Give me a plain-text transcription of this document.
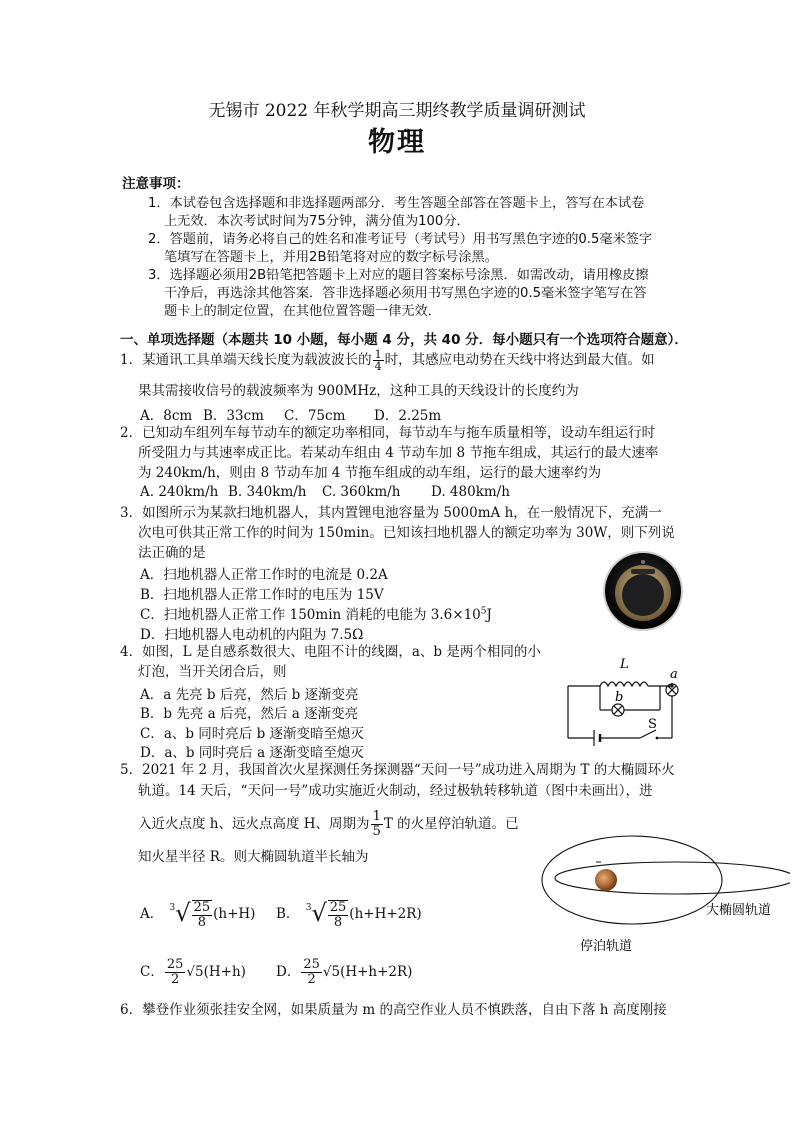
无锡市 2022 年秋学期高三期终教学质量调研测试
物理
注意事项：
1．本试卷包含选择题和非选择题两部分．考生答题全部答在答题卡上，答写在本试卷
上无效．本次考试时间为75分钟，满分值为100分．
2．答题前，请务必将自己的姓名和准考证号（考试号）用书写黑色字迹的0.5毫米签字
笔填写在答题卡上，并用2B铅笔将对应的数字标号涂黑。
3．选择题必须用2B铅笔把答题卡上对应的题目答案标号涂黑．如需改动，请用橡皮擦
干净后，再选涂其他答案．答非选择题必须用书写黑色字迹的0.5毫米签字笔写在答
题卡上的制定位置，在其他位置答题一律无效．
一、单项选择题（本题共 10 小题，每小题 4 分，共 40 分．每小题只有一个选项符合题意）．
1．某通讯工具单端天线长度为载波波长的 $\frac{1}{4}$ 时，其感应电动势在天线中将达到最大值。如
果其需接收信号的载波频率为 900MHz，这种工具的天线设计的长度约为
A．8cm B．33cm C．75cm D．2.25m
2．已知动车组列车每节动车的额定功率相同，每节动车与拖车质量相等，设动车组运行时
所受阻力与其速率成正比。若某动车组由 4 节动车加 8 节拖车组成，其运行的最大速率
为 240km/h，则由 8 节动车加 4 节拖车组成的动车组，运行的最大速率约为
A. 240km/h B. 340km/h C. 360km/h D. 480km/h
3．如图所示为某款扫地机器人，其内置锂电池容量为 5000mA h，在一般情况下，充满一
次电可供其正常工作的时间为 150min。已知该扫地机器人的额定功率为 30W，则下列说
法正确的是
A．扫地机器人正常工作时的电流是 0.2A
B．扫地机器人正常工作时的电压为 15V
C．扫地机器人正常工作 150min 消耗的电能为 $3.6\times 10^5J$
D．扫地机器人电动机的内阻为 7.5Ω
4．如图，L 是自感系数很大、电阻不计的线圈，a、b 是两个相同的小
灯泡，当开关闭合后，则
A．a 先亮 b 后亮，然后 b 逐渐变亮
B．b 先亮 a 后亮，然后 a 逐渐变亮
C．a、b 同时亮后 b 逐渐变暗至熄灭
D．a、b 同时亮后 a 逐渐变暗至熄灭
L
a
b
S
5．2021 年 2 月，我国首次火星探测任务探测器“天问一号”成功进入周期为 T 的大椭圆环火
轨道。14 天后，“天问一号”成功实施近火制动，经过极轨转移轨道（图中未画出），进
入近火点度 h、远火点高度 H、周期为 $\frac{1}{5}$ T 的火星停泊轨道。已
知火星半径 R。则大椭圆轨道半长轴为
A． $^3√ \frac{25}{8} (h+H)$ B． $^3√ \frac{25}{8} (h+H+2R)$
C． $\frac{25}{2} √5(H+h)$ D． $\frac{25}{2} √5(H+h+2R)$
大椭圆轨道
停泊轨道
6．攀登作业须张挂安全网，如果质量为 m 的高空作业人员不慎跌落，自由下落 h 高度刚接
